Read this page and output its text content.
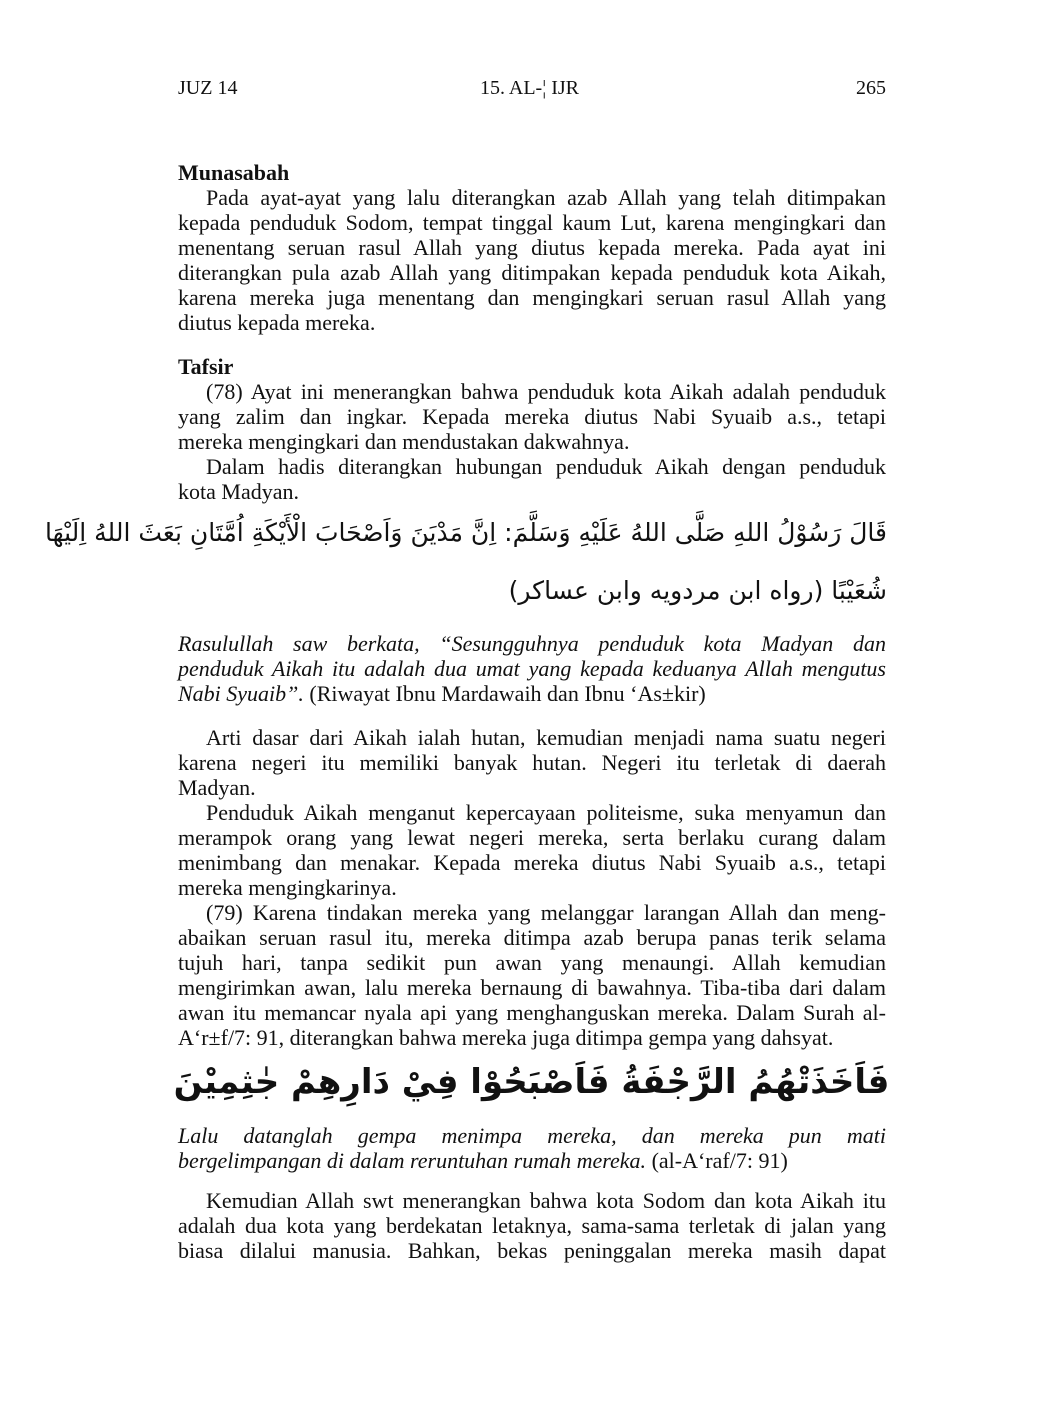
JUZ 14	15. AL-¦ IJR	265
Munasabah
Pada ayat-ayat yang lalu diterangkan azab Allah yang telah ditimpakan
kepada penduduk Sodom, tempat tinggal kaum Lut, karena mengingkari dan
menentang seruan rasul Allah yang diutus kepada mereka. Pada ayat ini
diterangkan pula azab Allah yang ditimpakan kepada penduduk kota Aikah,
karena mereka juga menentang dan mengingkari seruan rasul Allah yang
diutus kepada mereka.
Tafsir
(78) Ayat ini menerangkan bahwa penduduk kota Aikah adalah penduduk
yang zalim dan ingkar. Kepada mereka diutus Nabi Syuaib a.s., tetapi
mereka mengingkari dan mendustakan dakwahnya.
Dalam hadis diterangkan hubungan penduduk Aikah dengan penduduk
kota Madyan.
قَالَ رَسُوْلُ اللهِ صَلَّى اللهُ عَلَيْهِ وَسَلَّمَ: اِنَّ مَدْيَنَ وَاَصْحَابَ الْأَيْكَةِ اُمَّتَانِ بَعَثَ اللهُ اِلَيْهَا
شُعَيْبًا (رواه ابن مردويه وابن عساكر)
Rasulullah saw berkata, “Sesungguhnya penduduk kota Madyan dan
penduduk Aikah itu adalah dua umat yang kepada keduanya Allah mengutus
Nabi Syuaib”. (Riwayat Ibnu Mardawaih dan Ibnu ‘As±kir)
Arti dasar dari Aikah ialah hutan, kemudian menjadi nama suatu negeri
karena negeri itu memiliki banyak hutan. Negeri itu terletak di daerah
Madyan.
Penduduk Aikah menganut kepercayaan politeisme, suka menyamun dan
merampok orang yang lewat negeri mereka, serta berlaku curang dalam
menimbang dan menakar. Kepada mereka diutus Nabi Syuaib a.s., tetapi
mereka mengingkarinya.
(79) Karena tindakan mereka yang melanggar larangan Allah dan meng-
abaikan seruan rasul itu, mereka ditimpa azab berupa panas terik selama
tujuh hari, tanpa sedikit pun awan yang menaungi. Allah kemudian
mengirimkan awan, lalu mereka bernaung di bawahnya. Tiba-tiba dari dalam
awan itu memancar nyala api yang menghanguskan mereka. Dalam Surah al-
A‘r±f/7: 91, diterangkan bahwa mereka juga ditimpa gempa yang dahsyat.
فَاَخَذَتْهُمُ الرَّجْفَةُ فَاَصْبَحُوْا فِيْ دَارِهِمْ جٰثِمِيْنَ
Lalu datanglah gempa menimpa mereka, dan mereka pun mati
bergelimpangan di dalam reruntuhan rumah mereka. (al-A‘raf/7: 91)
Kemudian Allah swt menerangkan bahwa kota Sodom dan kota Aikah itu
adalah dua kota yang berdekatan letaknya, sama-sama terletak di jalan yang
biasa dilalui manusia. Bahkan, bekas peninggalan mereka masih dapat
